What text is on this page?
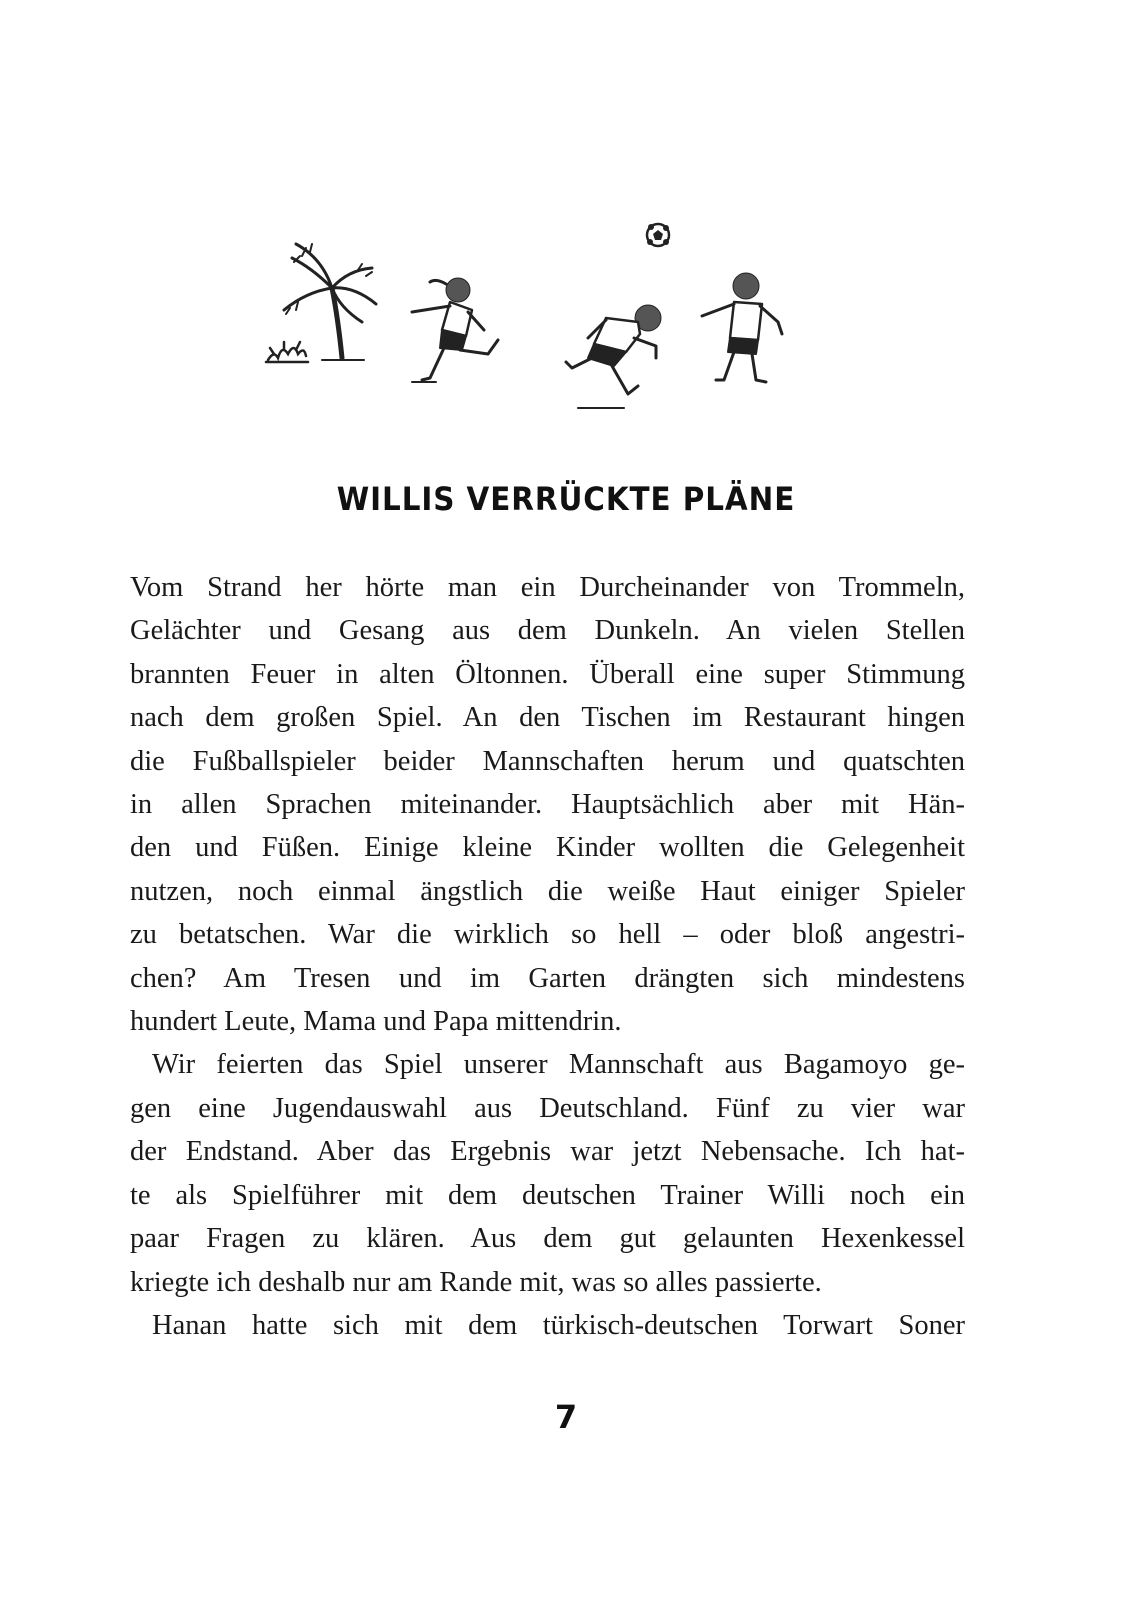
WILLIS VERRÜCKTE PLÄNE

Vom Strand her hörte man ein Durcheinander von Trommeln,
Gelächter und Gesang aus dem Dunkeln. An vielen Stellen
brannten Feuer in alten Öltonnen. Überall eine super Stimmung
nach dem großen Spiel. An den Tischen im Restaurant hingen
die Fußballspieler beider Mannschaften herum und quatschten
in allen Sprachen miteinander. Hauptsächlich aber mit Hän-
den und Füßen. Einige kleine Kinder wollten die Gelegenheit
nutzen, noch einmal ängstlich die weiße Haut einiger Spieler
zu betatschen. War die wirklich so hell – oder bloß angestri-
chen? Am Tresen und im Garten drängten sich mindestens
hundert Leute, Mama und Papa mittendrin.

Wir feierten das Spiel unserer Mannschaft aus Bagamoyo ge-
gen eine Jugendauswahl aus Deutschland. Fünf zu vier war
der Endstand. Aber das Ergebnis war jetzt Nebensache. Ich hat-
te als Spielführer mit dem deutschen Trainer Willi noch ein
paar Fragen zu klären. Aus dem gut gelaunten Hexenkessel
kriegte ich deshalb nur am Rande mit, was so alles passierte.

Hanan hatte sich mit dem türkisch-deutschen Torwart Soner

7
